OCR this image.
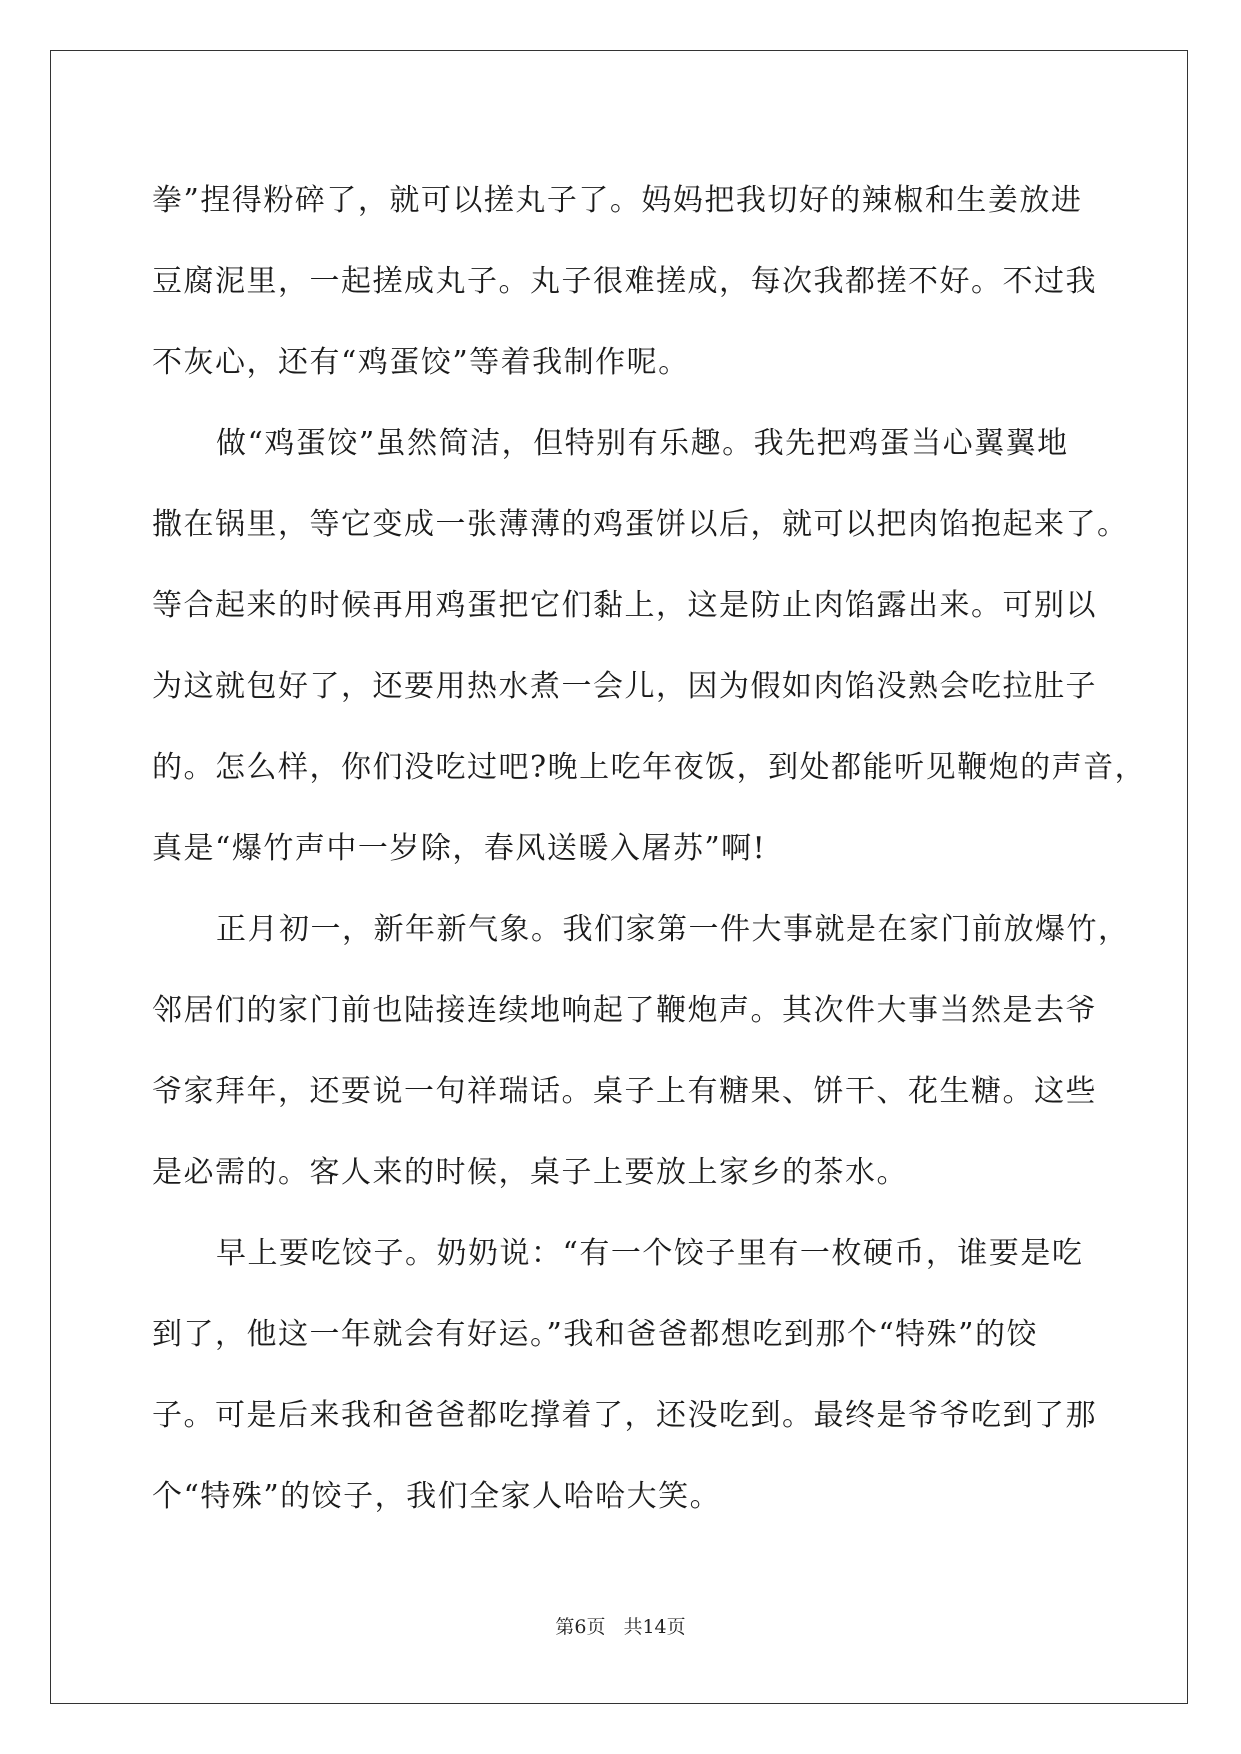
拳”捏得粉碎了，就可以搓丸子了。妈妈把我切好的辣椒和生姜放进
豆腐泥里，一起搓成丸子。丸子很难搓成，每次我都搓不好。不过我
不灰心，还有“鸡蛋饺”等着我制作呢。
做“鸡蛋饺”虽然简洁，但特别有乐趣。我先把鸡蛋当心翼翼地
撒在锅里，等它变成一张薄薄的鸡蛋饼以后，就可以把肉馅抱起来了。
等合起来的时候再用鸡蛋把它们黏上，这是防止肉馅露出来。可别以
为这就包好了，还要用热水煮一会儿，因为假如肉馅没熟会吃拉肚子
的。怎么样，你们没吃过吧?晚上吃年夜饭，到处都能听见鞭炮的声音，
真是“爆竹声中一岁除，春风送暖入屠苏”啊!
正月初一，新年新气象。我们家第一件大事就是在家门前放爆竹，
邻居们的家门前也陆接连续地响起了鞭炮声。其次件大事当然是去爷
爷家拜年，还要说一句祥瑞话。桌子上有糖果、饼干、花生糖。这些
是必需的。客人来的时候，桌子上要放上家乡的茶水。
早上要吃饺子。奶奶说：“有一个饺子里有一枚硬币，谁要是吃
到了，他这一年就会有好运。”我和爸爸都想吃到那个“特殊”的饺
子。可是后来我和爸爸都吃撑着了，还没吃到。最终是爷爷吃到了那
个“特殊”的饺子，我们全家人哈哈大笑。
第6页 共14页
